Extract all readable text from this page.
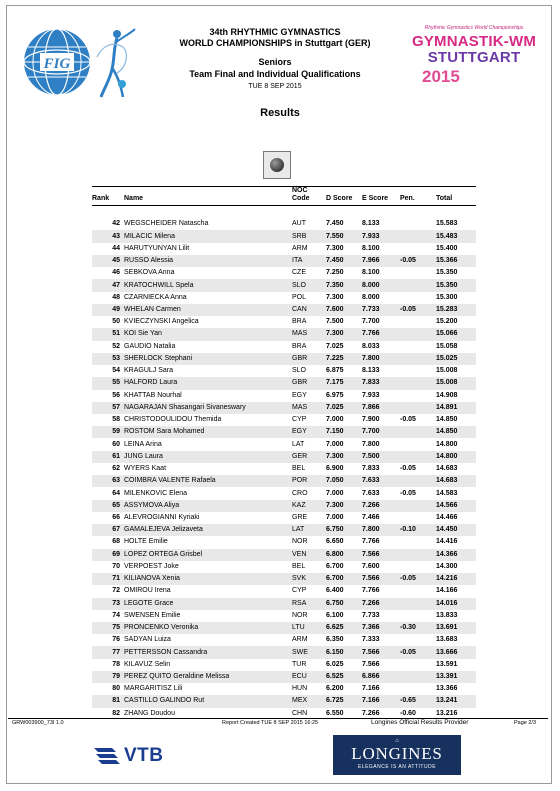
FIG
34th RHYTHMIC GYMNASTICS
WORLD CHAMPIONSHIPS in Stuttgart (GER)
Seniors
Team Final and Individual Qualifications
TUE 8 SEP 2015
Rhythmic Gymnastics World Championships
GYMNASTIK-WM
STUTTGART
2015
Results
Rank	Name	NOC Code	D Score	E Score	Pen.	Total

42	WEGSCHEIDER Natascha	AUT	7.450	8.133		15.583
43	MILACIC Milena	SRB	7.550	7.933		15.483
44	HARUTYUNYAN Lilit	ARM	7.300	8.100		15.400
45	RUSSO Alessia	ITA	7.450	7.966	-0.05	15.366
46	SEBKOVA Anna	CZE	7.250	8.100		15.350
47	KRATOCHWILL Spela	SLO	7.350	8.000		15.350
48	CZARNIECKA Anna	POL	7.300	8.000		15.300
49	WHELAN Carmen	CAN	7.600	7.733	-0.05	15.283
50	KVIECZYNSKI Angelica	BRA	7.500	7.700		15.200
51	KOI Sie Yan	MAS	7.300	7.766		15.066
52	GAUDIO Natalia	BRA	7.025	8.033		15.058
53	SHERLOCK Stephani	GBR	7.225	7.800		15.025
54	KRAGULJ Sara	SLO	6.875	8.133		15.008
55	HALFORD Laura	GBR	7.175	7.833		15.008
56	KHATTAB Nourhal	EGY	6.975	7.933		14.908
57	NAGARAJAN Shasangari Sivaneswary	MAS	7.025	7.866		14.891
58	CHRISTODOULIDOU Themida	CYP	7.000	7.900	-0.05	14.850
59	ROSTOM Sara Mohamed	EGY	7.150	7.700		14.850
60	LEINA Arina	LAT	7.000	7.800		14.800
61	JUNG Laura	GER	7.300	7.500		14.800
62	WYERS Kaat	BEL	6.900	7.833	-0.05	14.683
63	COIMBRA VALENTE Rafaela	POR	7.050	7.633		14.683
64	MILENKOVIC Elena	CRO	7.000	7.633	-0.05	14.583
65	ASSYMOVA Aliya	KAZ	7.300	7.266		14.566
66	ALEVROGIANNI Kyriaki	GRE	7.000	7.466		14.466
67	GAMALEJEVA Jelizaveta	LAT	6.750	7.800	-0.10	14.450
68	HOLTE Emilie	NOR	6.650	7.766		14.416
69	LOPEZ ORTEGA Grisbel	VEN	6.800	7.566		14.366
70	VERPOEST Joke	BEL	6.700	7.600		14.300
71	KILIANOVA Xenia	SVK	6.700	7.566	-0.05	14.216
72	OMIROU Irena	CYP	6.400	7.766		14.166
73	LEGOTE Grace	RSA	6.750	7.266		14.016
74	SWENSEN Emilie	NOR	6.100	7.733		13.833
75	PRONCENKO Veronika	LTU	6.625	7.366	-0.30	13.691
76	SADYAN Luiza	ARM	6.350	7.333		13.683
77	PETTERSSON Cassandra	SWE	6.150	7.566	-0.05	13.666
78	KILAVUZ Selin	TUR	6.025	7.566		13.591
79	PEREZ QUITO Geraldine Melissa	ECU	6.525	6.866		13.391
80	MARGARITISZ Lili	HUN	6.200	7.166		13.366
81	CASTILLO GALINDO Rut	MEX	6.725	7.166	-0.65	13.241
82	ZHANG Doudou	CHN	6.550	7.266	-0.60	13.216
GRW003900_73I 1.0	Report Created TUE 8 SEP 2015 16:25	Longines Official Results Provider	Page 2/3
VTB
⌂
LONGINES
ELEGANCE IS AN ATTITUDE
